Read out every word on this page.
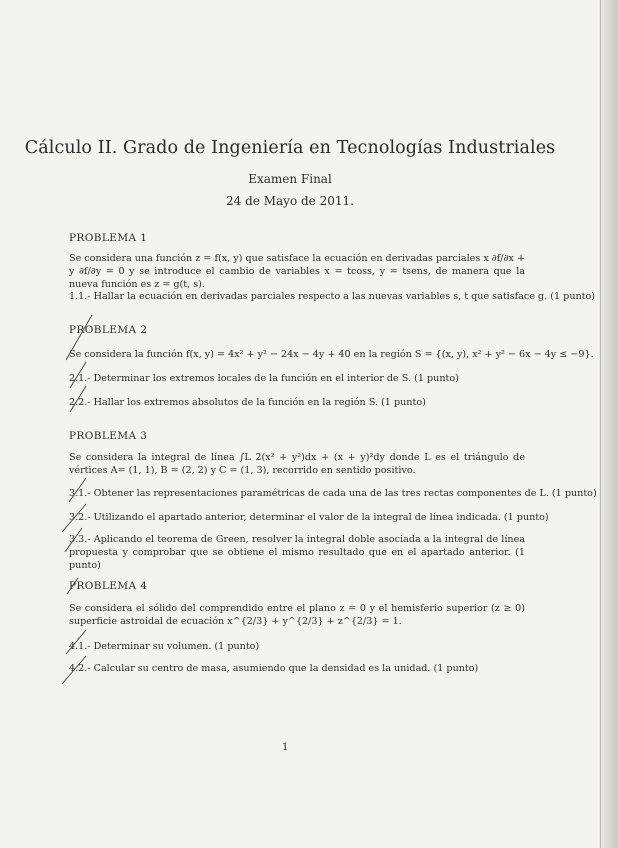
Cálculo II. Grado de Ingeniería en Tecnologías Industriales
Examen Final
24 de Mayo de 2011.
PROBLEMA 1
Se considera una función z = f(x, y) que satisface la ecuación en derivadas parciales x ∂f/∂x + y ∂f/∂y = 0 y se introduce el cambio de variables x = tcoss, y = tsens, de manera que la nueva función es z = g(t, s).
1.1.- Hallar la ecuación en derivadas parciales respecto a las nuevas variables s, t que satisface g. (1 punto)
PROBLEMA 2
Se considera la función f(x, y) = 4x² + y² − 24x − 4y + 40 en la región S = {(x, y), x² + y² − 6x − 4y ≤ −9}.
2.1.- Determinar los extremos locales de la función en el interior de S. (1 punto)
2.2.- Hallar los extremos absolutos de la función en la región S. (1 punto)
PROBLEMA 3
Se considera la integral de línea ∫L 2(x² + y²)dx + (x + y)²dy donde L es el triángulo de vértices A= (1, 1), B = (2, 2) y C = (1, 3), recorrido en sentido positivo.
3.1.- Obtener las representaciones paramétricas de cada una de las tres rectas componentes de L. (1 punto)
3.2.- Utilizando el apartado anterior, determinar el valor de la integral de línea indicada. (1 punto)
3.3.- Aplicando el teorema de Green, resolver la integral doble asociada a la integral de línea propuesta y comprobar que se obtiene el mismo resultado que en el apartado anterior. (1 punto)
PROBLEMA 4
Se considera el sólido del comprendido entre el plano z = 0 y el hemisferio superior (z ≥ 0) superficie astroidal de ecuación x^{2/3} + y^{2/3} + z^{2/3} = 1.
4.1.- Determinar su volumen. (1 punto)
4.2.- Calcular su centro de masa, asumiendo que la densidad es la unidad. (1 punto)
1
